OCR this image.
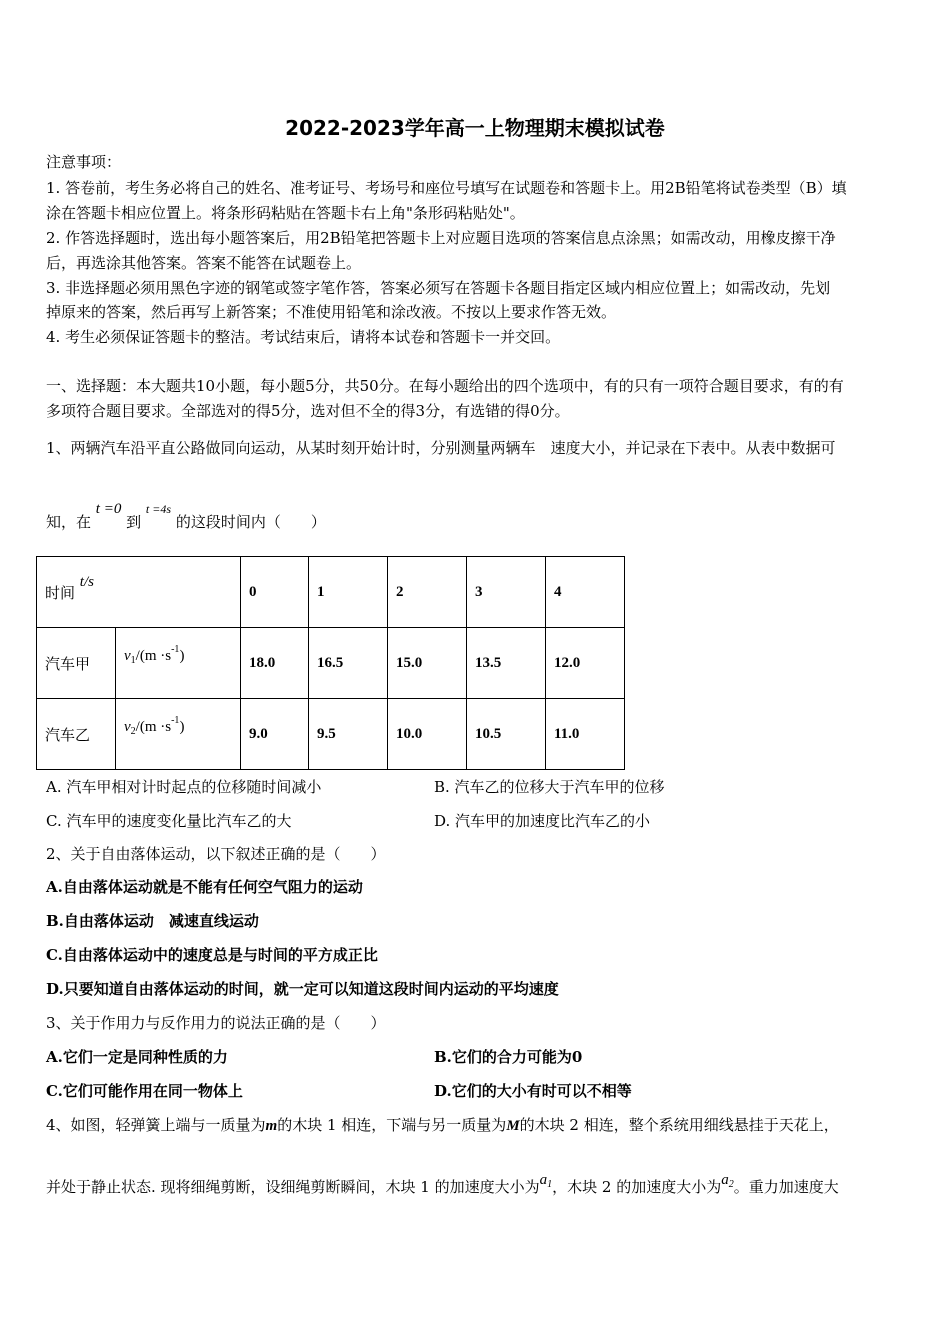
2022-2023学年高一上物理期末模拟试卷
注意事项：
1. 答卷前，考生务必将自己的姓名、准考证号、考场号和座位号填写在试题卷和答题卡上。用2B铅笔将试卷类型（B）填
涂在答题卡相应位置上。将条形码粘贴在答题卡右上角"条形码粘贴处"。
2. 作答选择题时，选出每小题答案后，用2B铅笔把答题卡上对应题目选项的答案信息点涂黑；如需改动，用橡皮擦干净
后，再选涂其他答案。答案不能答在试题卷上。
3. 非选择题必须用黑色字迹的钢笔或签字笔作答，答案必须写在答题卡各题目指定区域内相应位置上；如需改动，先划
掉原来的答案，然后再写上新答案；不准使用铅笔和涂改液。不按以上要求作答无效。
4. 考生必须保证答题卡的整洁。考试结束后，请将本试卷和答题卡一并交回。
一、选择题：本大题共10小题，每小题5分，共50分。在每小题给出的四个选项中，有的只有一项符合题目要求，有的有
多项符合题目要求。全部选对的得5分，选对但不全的得3分，有选错的得0分。
1、两辆汽车沿平直公路做同向运动，从某时刻开始计时，分别测量两辆车　速度大小，并记录在下表中。从表中数据可
知，在 t =0 到 $^{t =4s}$ 的这段时间内（　　）
时间 t/s		0	1	2	3	4
汽车甲	$v_1/(m \cdot s^{-1})$	18.0	16.5	15.0	13.5	12.0
汽车乙	$v_2/(m \cdot s^{-1})$	9.0	9.5	10.0	10.5	11.0
A. 汽车甲相对计时起点的位移随时间减小	B. 汽车乙的位移大于汽车甲的位移
C. 汽车甲的速度变化量比汽车乙的大	D. 汽车甲的加速度比汽车乙的小
2、关于自由落体运动，以下叙述正确的是（　　）
A.自由落体运动就是不能有任何空气阻力的运动
B.自由落体运动　减速直线运动
C.自由落体运动中的速度总是与时间的平方成正比
D.只要知道自由落体运动的时间，就一定可以知道这段时间内运动的平均速度
3、关于作用力与反作用力的说法正确的是（　　）
A.它们一定是同种性质的力	B.它们的合力可能为0
C.它们可能作用在同一物体上	D.它们的大小有时可以不相等
4、如图，轻弹簧上端与一质量为m的木块 1 相连，下端与另一质量为M的木块 2 相连，整个系统用细线悬挂于天花上，
并处于静止状态. 现将细绳剪断，设细绳剪断瞬间，木块 1 的加速度大小为$a_1$，木块 2 的加速度大小为$a_2$。重力加速度大
